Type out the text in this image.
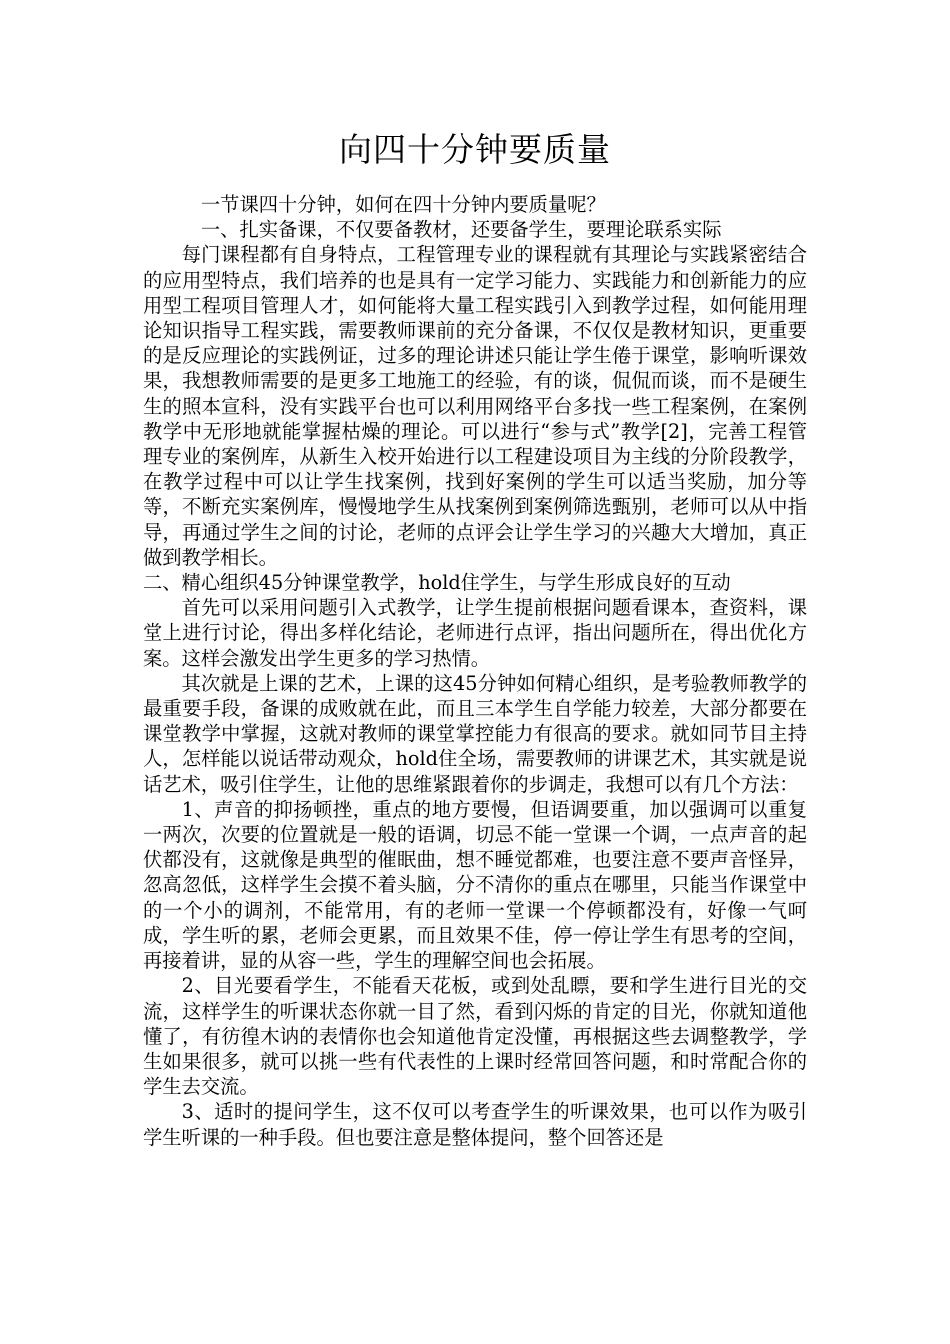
向四十分钟要质量

一节课四十分钟，如何在四十分钟内要质量呢？

一、扎实备课，不仅要备教材，还要备学生，要理论联系实际

每门课程都有自身特点，工程管理专业的课程就有其理论与实践紧密结合的应用型特点，我们培养的也是具有一定学习能力、实践能力和创新能力的应用型工程项目管理人才，如何能将大量工程实践引入到教学过程，如何能用理论知识指导工程实践，需要教师课前的充分备课，不仅仅是教材知识，更重要的是反应理论的实践例证，过多的理论讲述只能让学生倦于课堂，影响听课效果，我想教师需要的是更多工地施工的经验，有的谈，侃侃而谈，而不是硬生生的照本宣科，没有实践平台也可以利用网络平台多找一些工程案例，在案例教学中无形地就能掌握枯燥的理论。可以进行“参与式”教学[2]，完善工程管理专业的案例库，从新生入校开始进行以工程建设项目为主线的分阶段教学，在教学过程中可以让学生找案例，找到好案例的学生可以适当奖励，加分等等，不断充实案例库，慢慢地学生从找案例到案例筛选甄别，老师可以从中指导，再通过学生之间的讨论，老师的点评会让学生学习的兴趣大大增加，真正做到教学相长。

二、精心组织45分钟课堂教学，hold住学生，与学生形成良好的互动

首先可以采用问题引入式教学，让学生提前根据问题看课本，查资料，课堂上进行讨论，得出多样化结论，老师进行点评，指出问题所在，得出优化方案。这样会激发出学生更多的学习热情。

其次就是上课的艺术，上课的这45分钟如何精心组织，是考验教师教学的最重要手段，备课的成败就在此，而且三本学生自学能力较差，大部分都要在课堂教学中掌握，这就对教师的课堂掌控能力有很高的要求。就如同节目主持人，怎样能以说话带动观众，hold住全场，需要教师的讲课艺术，其实就是说话艺术，吸引住学生，让他的思维紧跟着你的步调走，我想可以有几个方法：

1、声音的抑扬顿挫，重点的地方要慢，但语调要重，加以强调可以重复一两次，次要的位置就是一般的语调，切忌不能一堂课一个调，一点声音的起伏都没有，这就像是典型的催眠曲，想不睡觉都难，也要注意不要声音怪异，忽高忽低，这样学生会摸不着头脑，分不清你的重点在哪里，只能当作课堂中的一个小的调剂，不能常用，有的老师一堂课一个停顿都没有，好像一气呵成，学生听的累，老师会更累，而且效果不佳，停一停让学生有思考的空间，再接着讲，显的从容一些，学生的理解空间也会拓展。

2、目光要看学生，不能看天花板，或到处乱瞟，要和学生进行目光的交流，这样学生的听课状态你就一目了然，看到闪烁的肯定的目光，你就知道他懂了，有彷徨木讷的表情你也会知道他肯定没懂，再根据这些去调整教学，学生如果很多，就可以挑一些有代表性的上课时经常回答问题，和时常配合你的学生去交流。

3、适时的提问学生，这不仅可以考查学生的听课效果，也可以作为吸引学生听课的一种手段。但也要注意是整体提问，整个回答还是
